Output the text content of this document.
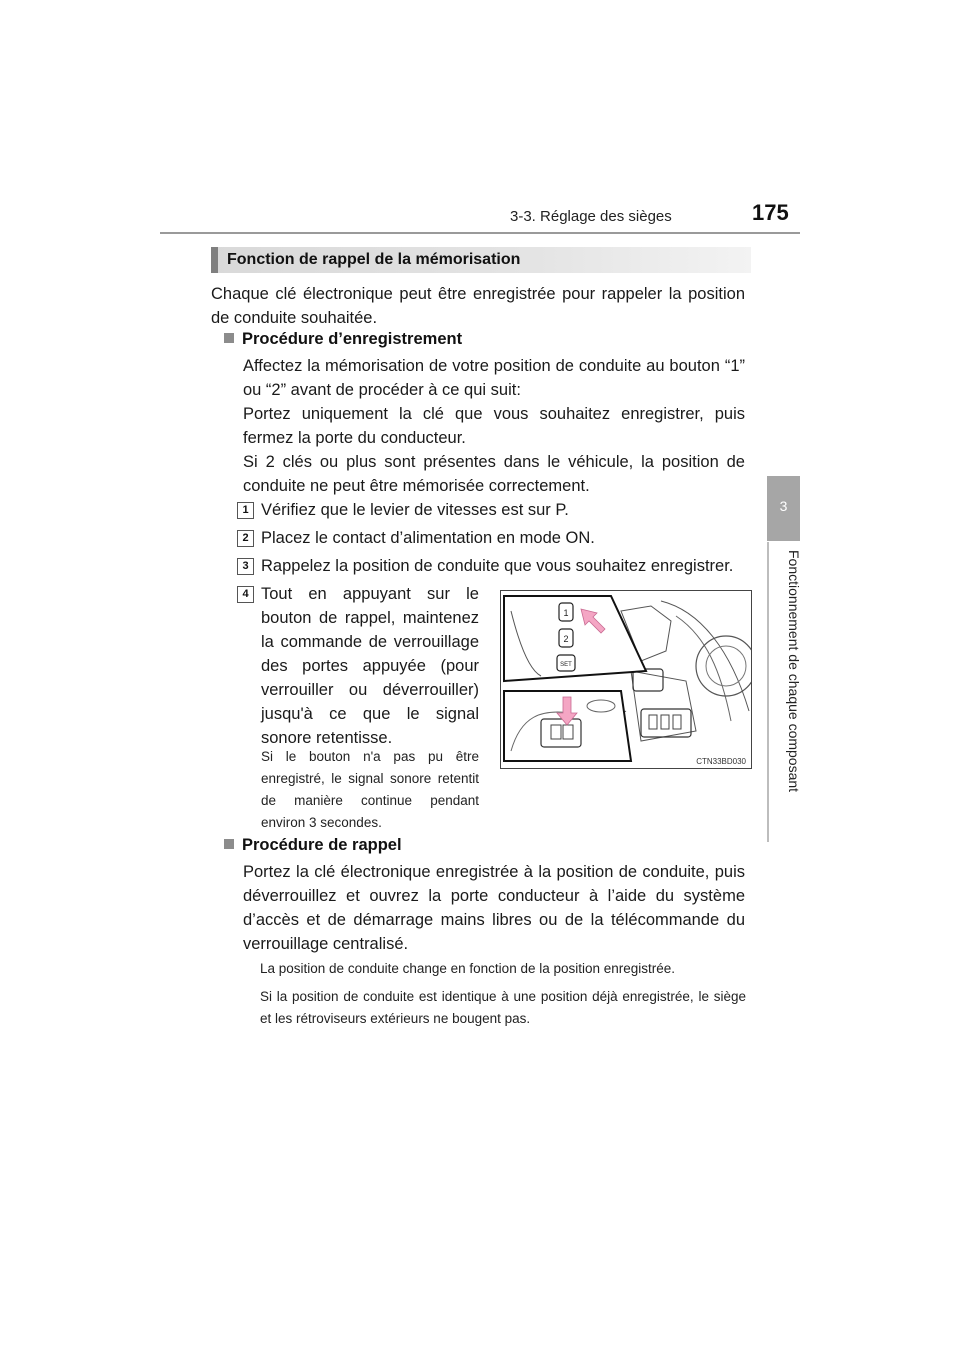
3-3. Réglage des sièges	175
3
Fonctionnement de chaque composant
Fonction de rappel de la mémorisation
Chaque clé électronique peut être enregistrée pour rappeler la position de conduite souhaitée.
Procédure d’enregistrement
Affectez la mémorisation de votre position de conduite au bouton “1” ou “2” avant de procéder à ce qui suit:
Portez uniquement la clé que vous souhaitez enregistrer, puis fermez la porte du conducteur.
Si 2 clés ou plus sont présentes dans le véhicule, la position de conduite ne peut être mémorisée correctement.
1 Vérifiez que le levier de vitesses est sur P.
2 Placez le contact d’alimentation en mode ON.
3 Rappelez la position de conduite que vous souhaitez enregistrer.
4 Tout en appuyant sur le bouton de rappel, maintenez la commande de verrouillage des portes appuyée (pour verrouiller ou déverrouiller) jusqu'à ce que le signal sonore retentisse.
Si le bouton n'a pas pu être enregistré, le signal sonore retentit de manière continue pendant environ 3 secondes.
1
2
SET
CTN33BD030
Procédure de rappel
Portez la clé électronique enregistrée à la position de conduite, puis déverrouillez et ouvrez la porte conducteur à l’aide du système d’accès et de démarrage mains libres ou de la télécommande du verrouillage centralisé.
La position de conduite change en fonction de la position enregistrée.
Si la position de conduite est identique à une position déjà enregistrée, le siège et les rétroviseurs extérieurs ne bougent pas.
